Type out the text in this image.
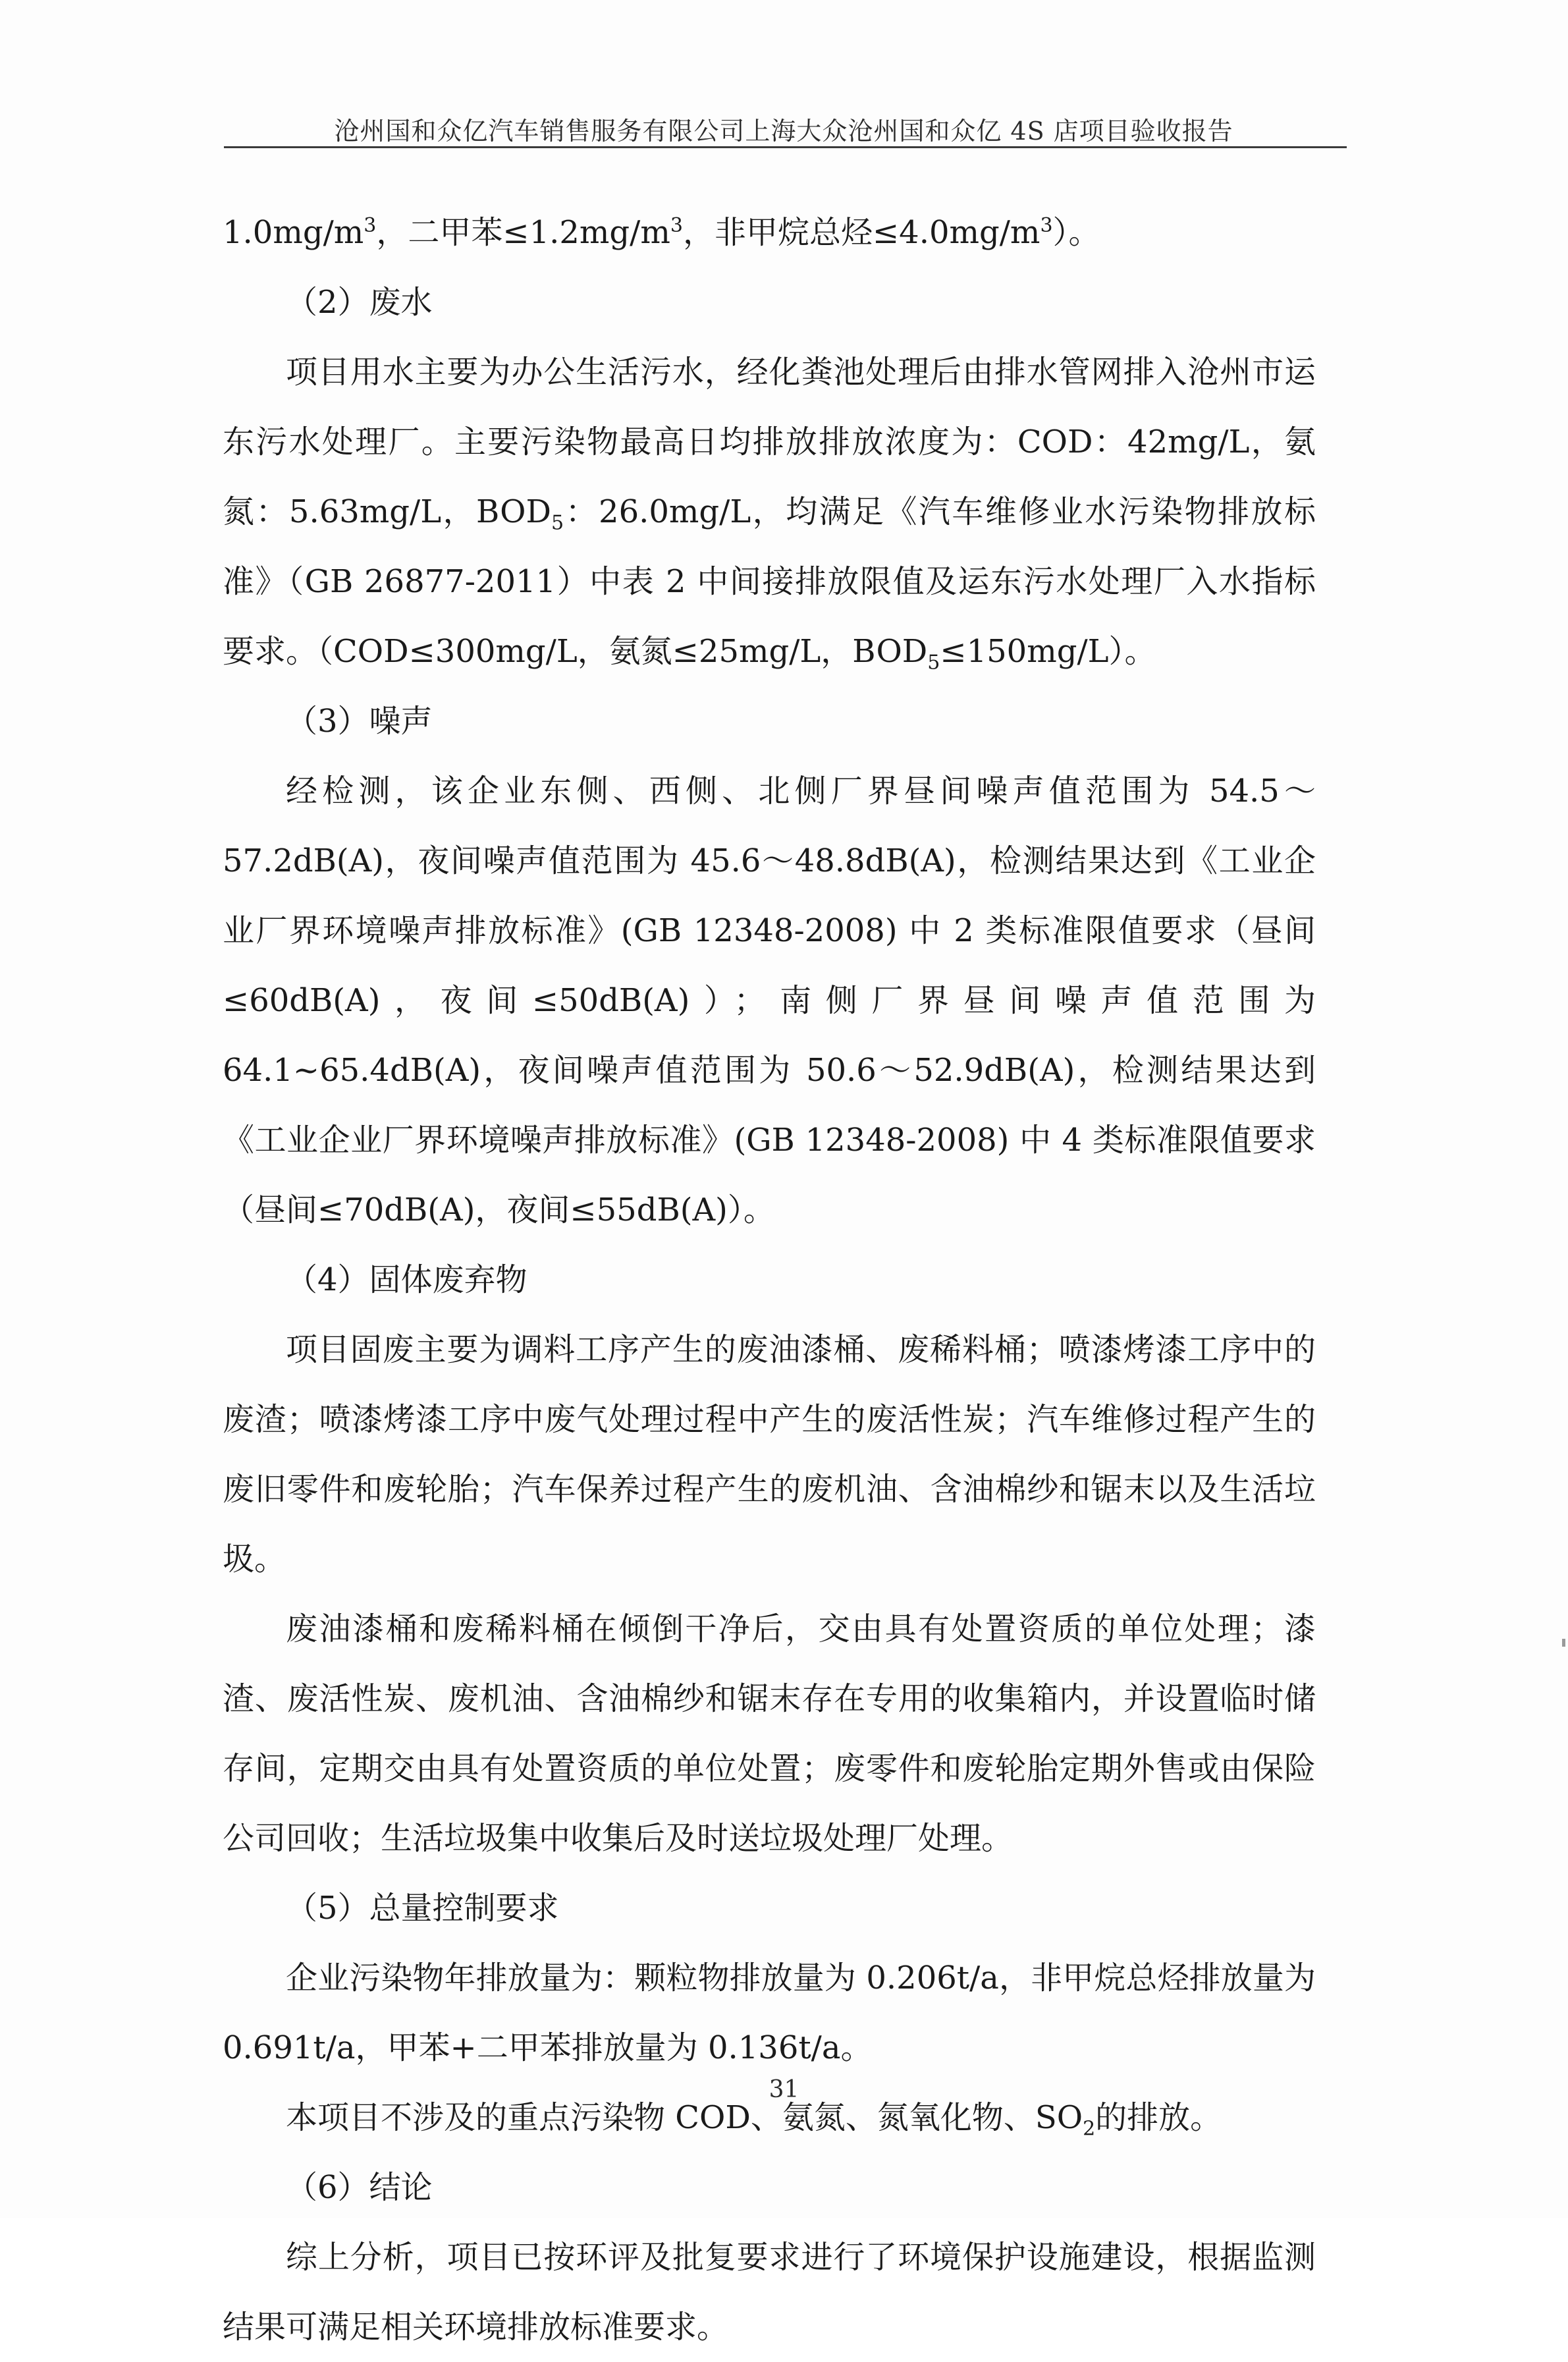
沧州国和众亿汽车销售服务有限公司上海大众沧州国和众亿 4S 店项目验收报告

$1.0mg/m^3$，二甲苯$\le 1.2mg/m^3$，非甲烷总烃$\le 4.0mg/m^3$）。

（2）废水

项目用水主要为办公生活污水，经化粪池处理后由排水管网排入沧州市运东污水处理厂。主要污染物最高日均排放排放浓度为：COD：42mg/L，氨氮：5.63mg/L，$BOD_5$：26.0mg/L，均满足《汽车维修业水污染物排放标准》（GB 26877-2011）中表 2 中间接排放限值及运东污水处理厂入水指标要求。（COD≤300mg/L，氨氮≤25mg/L，$BOD_5\le 150mg/L$）。

（3）噪声

经检测，该企业东侧、西侧、北侧厂界昼间噪声值范围为 54.5～57.2dB(A)，夜间噪声值范围为 45.6～48.8dB(A)，检测结果达到《工业企业厂界环境噪声排放标准》(GB 12348-2008) 中 2 类标准限值要求（昼间≤60dB(A)，夜间≤50dB(A)）；南侧厂界昼间噪声值范围为 64.1~65.4dB(A)，夜间噪声值范围为 50.6～52.9dB(A)，检测结果达到《工业企业厂界环境噪声排放标准》(GB 12348-2008) 中 4 类标准限值要求（昼间≤70dB(A)，夜间≤55dB(A)）。

（4）固体废弃物

项目固废主要为调料工序产生的废油漆桶、废稀料桶；喷漆烤漆工序中的废渣；喷漆烤漆工序中废气处理过程中产生的废活性炭；汽车维修过程产生的废旧零件和废轮胎；汽车保养过程产生的废机油、含油棉纱和锯末以及生活垃圾。

废油漆桶和废稀料桶在倾倒干净后，交由具有处置资质的单位处理；漆渣、废活性炭、废机油、含油棉纱和锯末存在专用的收集箱内，并设置临时储存间，定期交由具有处置资质的单位处置；废零件和废轮胎定期外售或由保险公司回收；生活垃圾集中收集后及时送垃圾处理厂处理。

（5）总量控制要求

企业污染物年排放量为：颗粒物排放量为 0.206t/a，非甲烷总烃排放量为 0.691t/a，甲苯+二甲苯排放量为 0.136t/a。

本项目不涉及的重点污染物 COD、氨氮、氮氧化物、$SO_2$的排放。

（6）结论

综上分析，项目已按环评及批复要求进行了环境保护设施建设，根据监测结果可满足相关环境排放标准要求。

31
